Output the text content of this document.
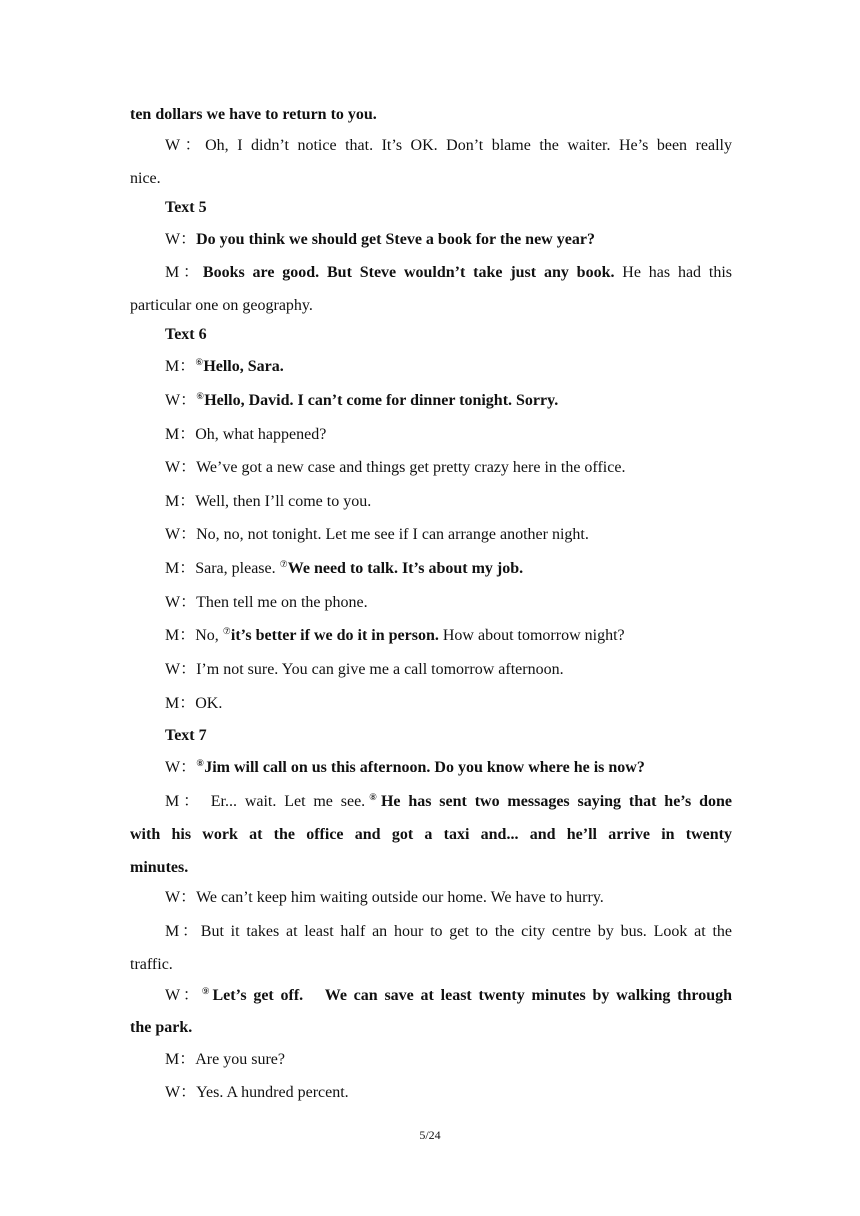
ten dollars we have to return to you.
W：Oh, I didn’t notice that. It’s OK. Don’t blame the waiter. He’s been really
nice.
Text 5
W：Do you think we should get Steve a book for the new year?
M：Books are good. But Steve wouldn’t take just any book. He has had this
particular one on geography.
Text 6
M：⑥Hello, Sara.
W：⑥Hello, David. I can’t come for dinner tonight. Sorry.
M：Oh, what happened?
W：We’ve got a new case and things get pretty crazy here in the office.
M：Well, then I’ll come to you.
W：No, no, not tonight. Let me see if I can arrange another night.
M：Sara, please. ⑦We need to talk. It’s about my job.
W：Then tell me on the phone.
M：No, ⑦it’s better if we do it in person. How about tomorrow night?
W：I’m not sure. You can give me a call tomorrow afternoon.
M：OK.
Text 7
W：⑧Jim will call on us this afternoon. Do you know where he is now?
M： Er... wait. Let me see.⑧He has sent two messages saying that he’s done
with his work at the office and got a taxi and... and he’ll arrive in twenty
minutes.
W：We can’t keep him waiting outside our home. We have to hurry.
M：But it takes at least half an hour to get to the city centre by bus. Look at the
traffic.
W：⑨Let’s get off.　We can save at least twenty minutes by walking through
the park.
M：Are you sure?
W：Yes. A hundred percent.
5/24
